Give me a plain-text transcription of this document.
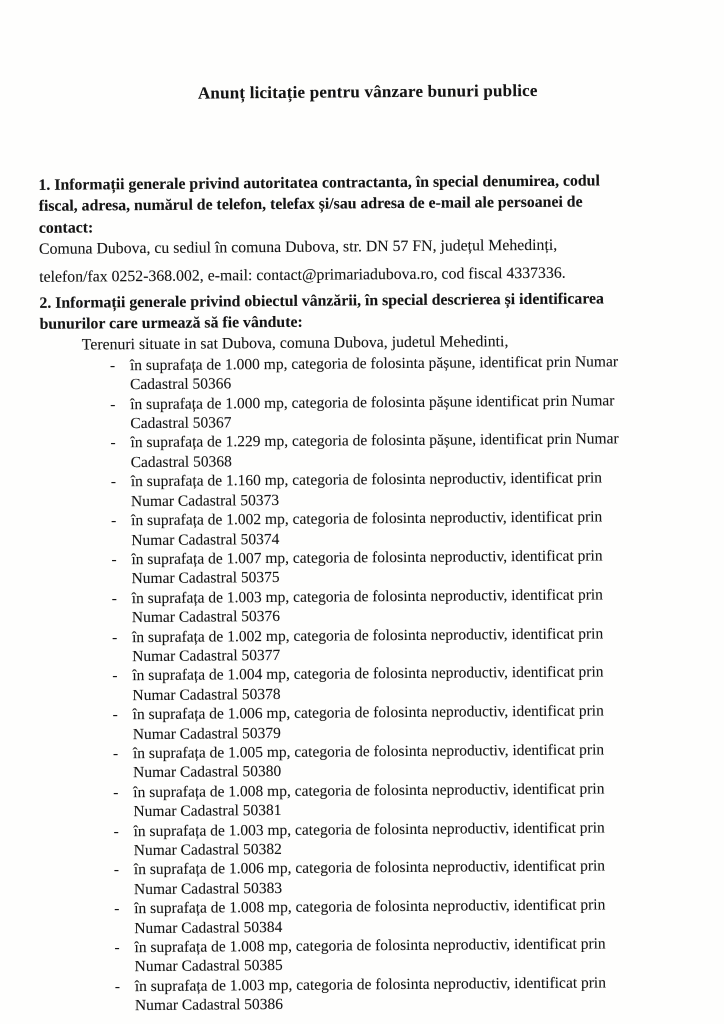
Anunț licitație pentru vânzare bunuri publice

1. Informații generale privind autoritatea contractanta, în special denumirea, codul
fiscal, adresa, numărul de telefon, telefax și/sau adresa de e-mail ale persoanei de
contact:

Comuna Dubova, cu sediul în comuna Dubova, str. DN 57 FN, județul Mehedinți,

telefon/fax 0252-368.002, e-mail: contact@primariadubova.ro, cod fiscal 4337336.

2. Informații generale privind obiectul vânzării, în special descrierea și identificarea
bunurilor care urmează să fie vândute:

Terenuri situate in sat Dubova, comuna Dubova, judetul Mehedinti,

- în suprafața de 1.000 mp, categoria de folosinta pășune, identificat prin Numar
Cadastral 50366
- în suprafața de 1.000 mp, categoria de folosinta pășune identificat prin Numar
Cadastral 50367
- în suprafața de 1.229 mp, categoria de folosinta pășune, identificat prin Numar
Cadastral 50368
- în suprafața de 1.160 mp, categoria de folosinta neproductiv, identificat prin
Numar Cadastral 50373
- în suprafața de 1.002 mp, categoria de folosinta neproductiv, identificat prin
Numar Cadastral 50374
- în suprafața de 1.007 mp, categoria de folosinta neproductiv, identificat prin
Numar Cadastral 50375
- în suprafața de 1.003 mp, categoria de folosinta neproductiv, identificat prin
Numar Cadastral 50376
- în suprafața de 1.002 mp, categoria de folosinta neproductiv, identificat prin
Numar Cadastral 50377
- în suprafața de 1.004 mp, categoria de folosinta neproductiv, identificat prin
Numar Cadastral 50378
- în suprafața de 1.006 mp, categoria de folosinta neproductiv, identificat prin
Numar Cadastral 50379
- în suprafața de 1.005 mp, categoria de folosinta neproductiv, identificat prin
Numar Cadastral 50380
- în suprafața de 1.008 mp, categoria de folosinta neproductiv, identificat prin
Numar Cadastral 50381
- în suprafața de 1.003 mp, categoria de folosinta neproductiv, identificat prin
Numar Cadastral 50382
- în suprafața de 1.006 mp, categoria de folosinta neproductiv, identificat prin
Numar Cadastral 50383
- în suprafața de 1.008 mp, categoria de folosinta neproductiv, identificat prin
Numar Cadastral 50384
- în suprafața de 1.008 mp, categoria de folosinta neproductiv, identificat prin
Numar Cadastral 50385
- în suprafața de 1.003 mp, categoria de folosinta neproductiv, identificat prin
Numar Cadastral 50386
